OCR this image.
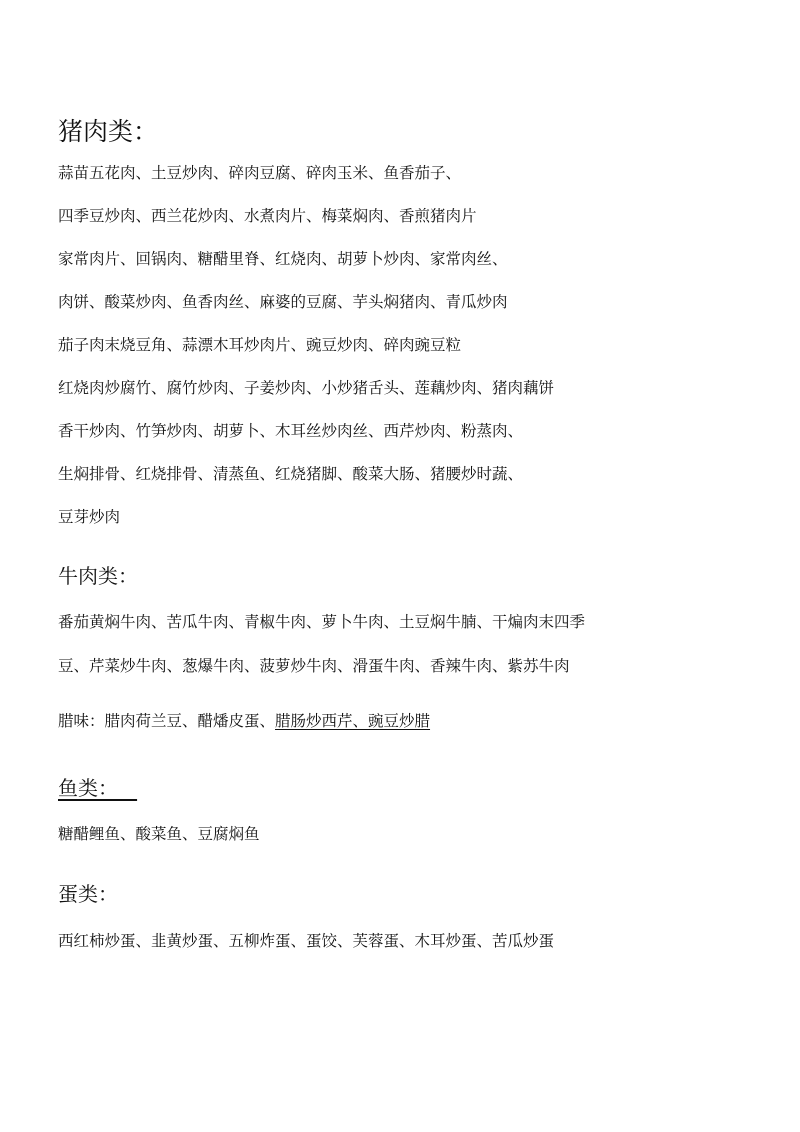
猪肉类：

蒜苗五花肉、土豆炒肉、碎肉豆腐、碎肉玉米、鱼香茄子、

四季豆炒肉、西兰花炒肉、水煮肉片、梅菜焖肉、香煎猪肉片

家常肉片、回锅肉、糖醋里脊、红烧肉、胡萝卜炒肉、家常肉丝、

肉饼、酸菜炒肉、鱼香肉丝、麻婆的豆腐、芋头焖猪肉、青瓜炒肉

茄子肉末烧豆角、蒜漂木耳炒肉片、豌豆炒肉、碎肉豌豆粒

红烧肉炒腐竹、腐竹炒肉、子姜炒肉、小炒猪舌头、莲藕炒肉、猪肉藕饼

香干炒肉、竹笋炒肉、胡萝卜、木耳丝炒肉丝、西芹炒肉、粉蒸肉、

生焖排骨、红烧排骨、清蒸鱼、红烧猪脚、酸菜大肠、猪腰炒时蔬、

豆芽炒肉

牛肉类：

番茄黄焖牛肉、苦瓜牛肉、青椒牛肉、萝卜牛肉、土豆焖牛腩、干煸肉末四季

豆、芹菜炒牛肉、葱爆牛肉、菠萝炒牛肉、滑蛋牛肉、香辣牛肉、紫苏牛肉

腊味：腊肉荷兰豆、醋燔皮蛋、腊肠炒西芹、豌豆炒腊

鱼类：

糖醋鲤鱼、酸菜鱼、豆腐焖鱼

蛋类：

西红柿炒蛋、韭黄炒蛋、五柳炸蛋、蛋饺、芙蓉蛋、木耳炒蛋、苦瓜炒蛋
